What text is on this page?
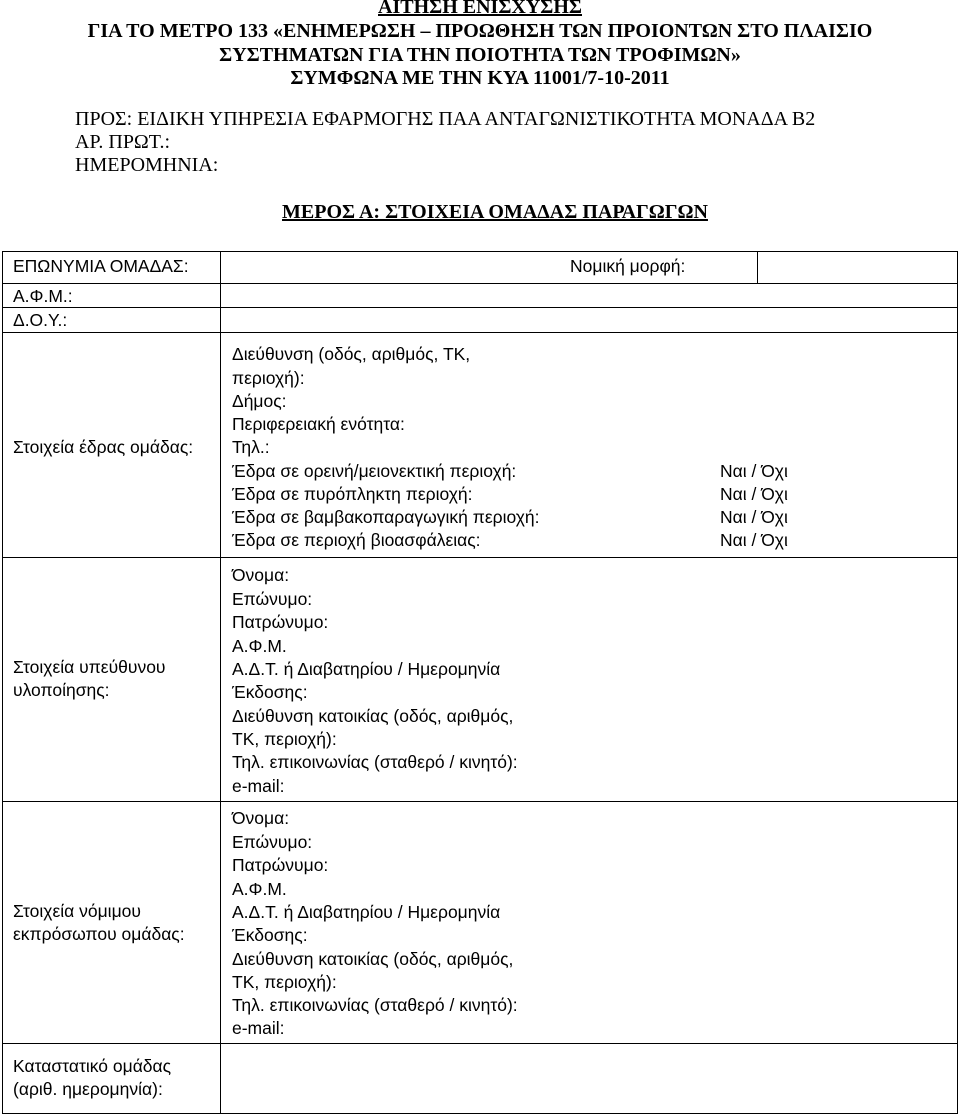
ΑΙΤΗΣΗ ΕΝΙΣΧΥΣΗΣ
ΓΙΑ ΤΟ ΜΕΤΡΟ 133 «ΕΝΗΜΕΡΩΣΗ – ΠΡΟΩΘΗΣΗ ΤΩΝ ΠΡΟΙΟΝΤΩΝ ΣΤΟ ΠΛΑΙΣΙΟ
ΣΥΣΤΗΜΑΤΩΝ ΓΙΑ ΤΗΝ ΠΟΙΟΤΗΤΑ ΤΩΝ ΤΡΟΦΙΜΩΝ»
ΣΥΜΦΩΝΑ ΜΕ ΤΗΝ ΚΥΑ 11001/7-10-2011
ΠΡΟΣ: ΕΙΔΙΚΗ ΥΠΗΡΕΣΙΑ ΕΦΑΡΜΟΓΗΣ ΠΑΑ ΑΝΤΑΓΩΝΙΣΤΙΚΟΤΗΤΑ ΜΟΝΑΔΑ Β2
ΑΡ. ΠΡΩΤ.:
ΗΜΕΡΟΜΗΝΙΑ:
ΜΕΡΟΣ Α: ΣΤΟΙΧΕΙΑ ΟΜΑΔΑΣ ΠΑΡΑΓΩΓΩΝ
ΕΠΩΝΥΜΙΑ ΟΜΑΔΑΣ:	Νομική μορφή:
Α.Φ.Μ.:
Δ.Ο.Υ.:
Στοιχεία έδρας ομάδας:
Διεύθυνση (οδός, αριθμός, ΤΚ,
περιοχή):
Δήμος:
Περιφερειακή ενότητα:
Τηλ.:
Έδρα σε ορεινή/μειονεκτική περιοχή:
Έδρα σε πυρόπληκτη περιοχή:
Έδρα σε βαμβακοπαραγωγική περιοχή:
Έδρα σε περιοχή βιοασφάλειας:
Ναι / Όχι
Ναι / Όχι
Ναι / Όχι
Ναι / Όχι
Στοιχεία υπεύθυνου
υλοποίησης:
Όνομα:
Επώνυμο:
Πατρώνυμο:
Α.Φ.Μ.
Α.Δ.Τ. ή Διαβατηρίου / Ημερομηνία
Έκδοσης:
Διεύθυνση κατοικίας (οδός, αριθμός,
ΤΚ, περιοχή):
Τηλ. επικοινωνίας (σταθερό / κινητό):
e-mail:
Στοιχεία νόμιμου
εκπρόσωπου ομάδας:
Όνομα:
Επώνυμο:
Πατρώνυμο:
Α.Φ.Μ.
Α.Δ.Τ. ή Διαβατηρίου / Ημερομηνία
Έκδοσης:
Διεύθυνση κατοικίας (οδός, αριθμός,
ΤΚ, περιοχή):
Τηλ. επικοινωνίας (σταθερό / κινητό):
e-mail:
Καταστατικό ομάδας
(αριθ. ημερομηνία):
